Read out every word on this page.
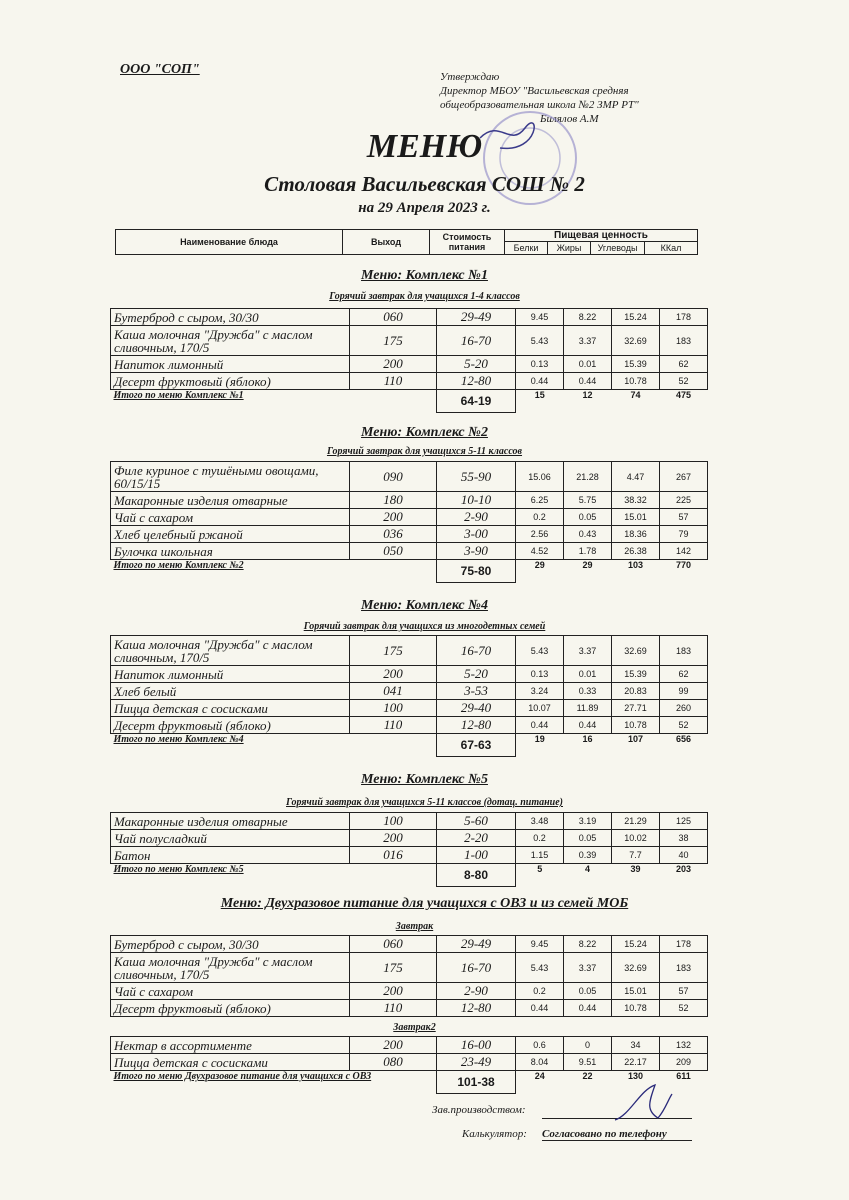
ООО "СОП"	Утверждаю
Директор МБОУ "Васильевская средняя
общеобразовательная школа №2 ЗМР РТ"
Билялов А.М
МЕНЮ
Столовая Васильевская СОШ № 2
на 29 Апреля 2023 г.
Наименование блюда	Выход	Стоимость питания	Пищевая ценность			
			Белки	Жиры	Углеводы	ККал
Меню: Комплекс №1
Горячий завтрак для учащихся 1-4 классов
Бутерброд с сыром, 30/30	060	29-49	9.45	8.22	15.24	178
Каша молочная "Дружба" с маслом сливочным, 170/5	175	16-70	5.43	3.37	32.69	183
Напиток лимонный	200	5-20	0.13	0.01	15.39	62
Десерт фруктовый (яблоко)	110	12-80	0.44	0.44	10.78	52
Итого по меню Комплекс №1		64-19	15	12	74	475
Меню: Комплекс №2
Горячий завтрак для учащихся 5-11 классов
Филе куриное с тушёными овощами, 60/15/15	090	55-90	15.06	21.28	4.47	267
Макаронные изделия отварные	180	10-10	6.25	5.75	38.32	225
Чай с сахаром	200	2-90	0.2	0.05	15.01	57
Хлеб целебный ржаной	036	3-00	2.56	0.43	18.36	79
Булочка школьная	050	3-90	4.52	1.78	26.38	142
Итого по меню Комплекс №2		75-80	29	29	103	770
Меню: Комплекс №4
Горячий завтрак для учащихся из многодетных семей
Каша молочная "Дружба" с маслом сливочным, 170/5	175	16-70	5.43	3.37	32.69	183
Напиток лимонный	200	5-20	0.13	0.01	15.39	62
Хлеб белый	041	3-53	3.24	0.33	20.83	99
Пицца детская с сосисками	100	29-40	10.07	11.89	27.71	260
Десерт фруктовый (яблоко)	110	12-80	0.44	0.44	10.78	52
Итого по меню Комплекс №4		67-63	19	16	107	656
Меню: Комплекс №5
Горячий завтрак для учащихся 5-11 классов (дотац. питание)
Макаронные изделия отварные	100	5-60	3.48	3.19	21.29	125
Чай полусладкий	200	2-20	0.2	0.05	10.02	38
Батон	016	1-00	1.15	0.39	7.7	40
Итого по меню Комплекс №5		8-80	5	4	39	203
Меню: Двухразовое питание для учащихся с ОВЗ и из семей МОБ
Завтрак
Бутерброд с сыром, 30/30	060	29-49	9.45	8.22	15.24	178
Каша молочная "Дружба" с маслом сливочным, 170/5	175	16-70	5.43	3.37	32.69	183
Чай с сахаром	200	2-90	0.2	0.05	15.01	57
Десерт фруктовый (яблоко)	110	12-80	0.44	0.44	10.78	52
Завтрак2
Нектар в ассортименте	200	16-00	0.6	0	34	132
Пицца детская с сосисками	080	23-49	8.04	9.51	22.17	209
Итого по меню Двухразовое питание для учащихся с ОВЗ		101-38	24	22	130	611
Зав.производством:
Калькулятор: Согласовано по телефону
